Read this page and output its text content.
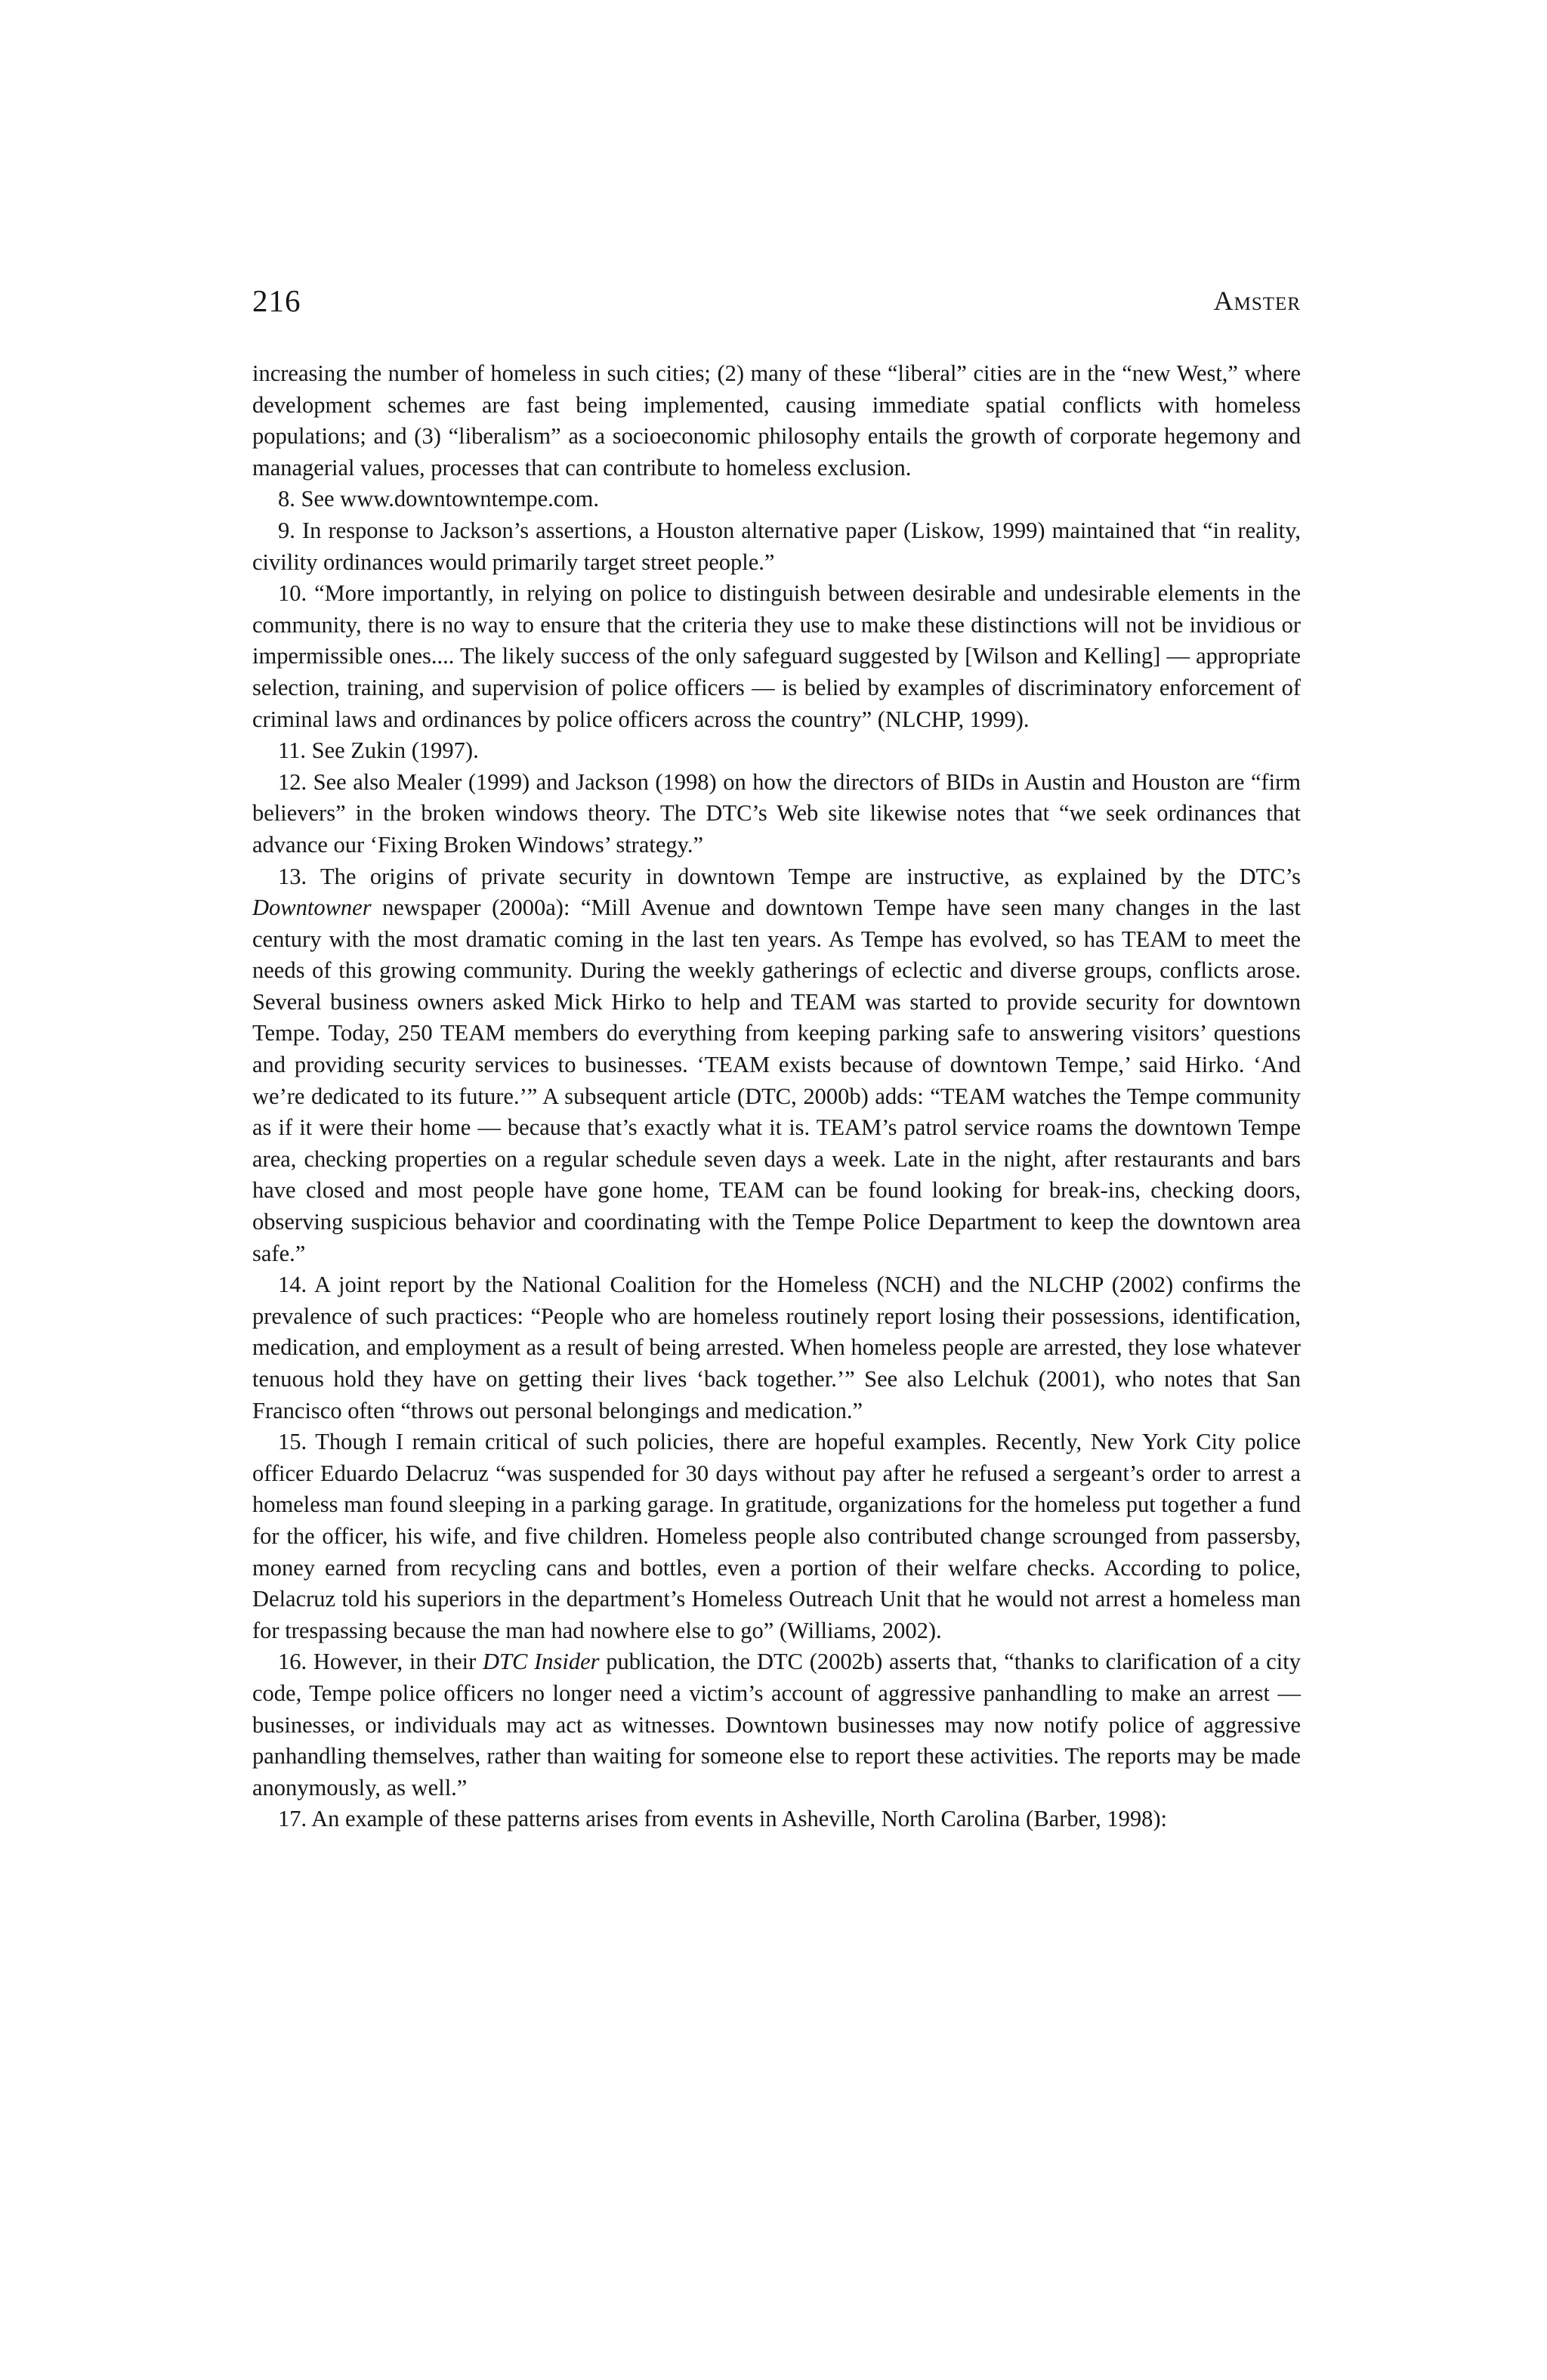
216	Amster

increasing the number of homeless in such cities; (2) many of these “liberal” cities are in the “new West,” where development schemes are fast being implemented, causing immediate spatial conflicts with homeless populations; and (3) “liberalism” as a socioeconomic philosophy entails the growth of corporate hegemony and managerial values, processes that can contribute to homeless exclusion.

8. See www.downtowntempe.com.

9. In response to Jackson’s assertions, a Houston alternative paper (Liskow, 1999) maintained that “in reality, civility ordinances would primarily target street people.”

10. “More importantly, in relying on police to distinguish between desirable and undesirable elements in the community, there is no way to ensure that the criteria they use to make these distinctions will not be invidious or impermissible ones.... The likely success of the only safeguard suggested by [Wilson and Kelling] — appropriate selection, training, and supervision of police officers — is belied by examples of discriminatory enforcement of criminal laws and ordinances by police officers across the country” (NLCHP, 1999).

11. See Zukin (1997).

12. See also Mealer (1999) and Jackson (1998) on how the directors of BIDs in Austin and Houston are “firm believers” in the broken windows theory. The DTC’s Web site likewise notes that “we seek ordinances that advance our ‘Fixing Broken Windows’ strategy.”

13. The origins of private security in downtown Tempe are instructive, as explained by the DTC’s Downtowner newspaper (2000a): “Mill Avenue and downtown Tempe have seen many changes in the last century with the most dramatic coming in the last ten years. As Tempe has evolved, so has TEAM to meet the needs of this growing community. During the weekly gatherings of eclectic and diverse groups, conflicts arose. Several business owners asked Mick Hirko to help and TEAM was started to provide security for downtown Tempe. Today, 250 TEAM members do everything from keeping parking safe to answering visitors’ questions and providing security services to businesses. ‘TEAM exists because of downtown Tempe,’ said Hirko. ‘And we’re dedicated to its future.’” A subsequent article (DTC, 2000b) adds: “TEAM watches the Tempe community as if it were their home — because that’s exactly what it is. TEAM’s patrol service roams the downtown Tempe area, checking properties on a regular schedule seven days a week. Late in the night, after restaurants and bars have closed and most people have gone home, TEAM can be found looking for break-ins, checking doors, observing suspicious behavior and coordinating with the Tempe Police Department to keep the downtown area safe.”

14. A joint report by the National Coalition for the Homeless (NCH) and the NLCHP (2002) confirms the prevalence of such practices: “People who are homeless routinely report losing their possessions, identification, medication, and employment as a result of being arrested. When homeless people are arrested, they lose whatever tenuous hold they have on getting their lives ‘back together.’” See also Lelchuk (2001), who notes that San Francisco often “throws out personal belongings and medication.”

15. Though I remain critical of such policies, there are hopeful examples. Recently, New York City police officer Eduardo Delacruz “was suspended for 30 days without pay after he refused a sergeant’s order to arrest a homeless man found sleeping in a parking garage. In gratitude, organizations for the homeless put together a fund for the officer, his wife, and five children. Homeless people also contributed change scrounged from passersby, money earned from recycling cans and bottles, even a portion of their welfare checks. According to police, Delacruz told his superiors in the department’s Homeless Outreach Unit that he would not arrest a homeless man for trespassing because the man had nowhere else to go” (Williams, 2002).

16. However, in their DTC Insider publication, the DTC (2002b) asserts that, “thanks to clarification of a city code, Tempe police officers no longer need a victim’s account of aggressive panhandling to make an arrest — businesses, or individuals may act as witnesses. Downtown businesses may now notify police of aggressive panhandling themselves, rather than waiting for someone else to report these activities. The reports may be made anonymously, as well.”

17. An example of these patterns arises from events in Asheville, North Carolina (Barber, 1998):
